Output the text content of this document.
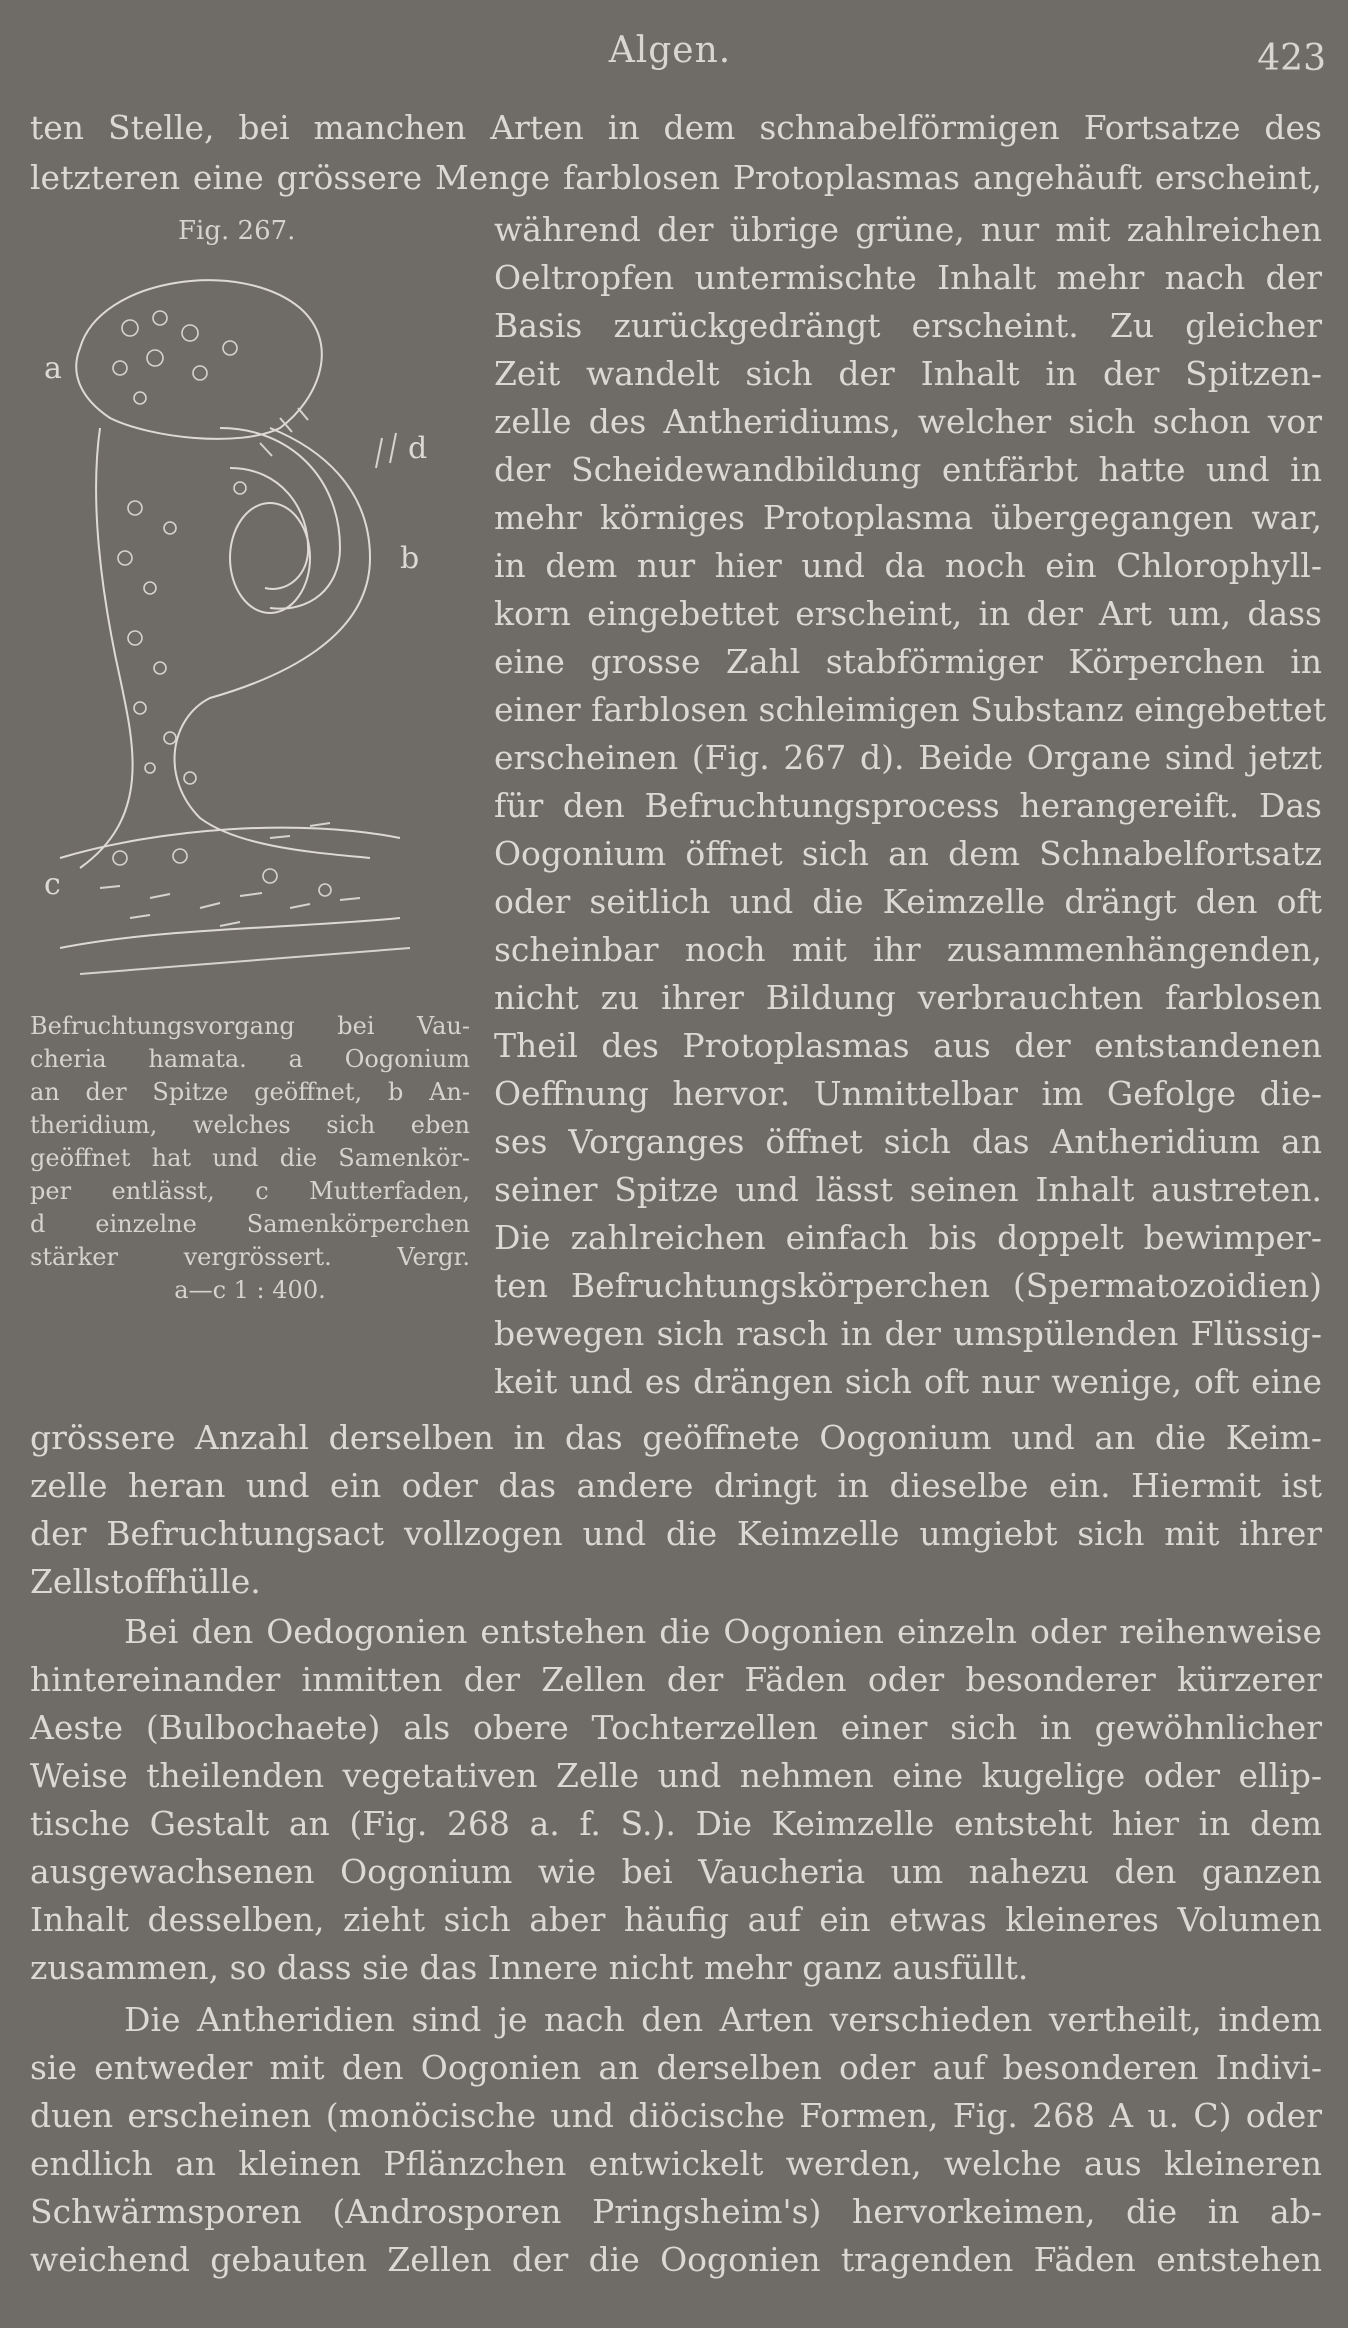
Algen.	423
ten Stelle, bei manchen Arten in dem schnabelförmigen Fortsatze des
letzteren eine grössere Menge farblosen Protoplasmas angehäuft erscheint,
Fig. 267.
a
d
b
c
Befruchtungsvorgang bei Vau-
cheria hamata. a Oogonium
an der Spitze geöffnet, b An-
theridium, welches sich eben
geöffnet hat und die Samenkör-
per entlässt, c Mutterfaden,
d einzelne Samenkörperchen
stärker vergrössert. Vergr.
a—c 1 : 400.
während der übrige grüne, nur mit zahlreichen
Oeltropfen untermischte Inhalt mehr nach der
Basis zurückgedrängt erscheint. Zu gleicher
Zeit wandelt sich der Inhalt in der Spitzen-
zelle des Antheridiums, welcher sich schon vor
der Scheidewandbildung entfärbt hatte und in
mehr körniges Protoplasma übergegangen war,
in dem nur hier und da noch ein Chlorophyll-
korn eingebettet erscheint, in der Art um, dass
eine grosse Zahl stabförmiger Körperchen in
einer farblosen schleimigen Substanz eingebettet
erscheinen (Fig. 267 d). Beide Organe sind jetzt
für den Befruchtungsprocess herangereift. Das
Oogonium öffnet sich an dem Schnabelfortsatz
oder seitlich und die Keimzelle drängt den oft
scheinbar noch mit ihr zusammenhängenden,
nicht zu ihrer Bildung verbrauchten farblosen
Theil des Protoplasmas aus der entstandenen
Oeffnung hervor. Unmittelbar im Gefolge die-
ses Vorganges öffnet sich das Antheridium an
seiner Spitze und lässt seinen Inhalt austreten.
Die zahlreichen einfach bis doppelt bewimper-
ten Befruchtungskörperchen (Spermatozoidien)
bewegen sich rasch in der umspülenden Flüssig-
keit und es drängen sich oft nur wenige, oft eine
grössere Anzahl derselben in das geöffnete Oogonium und an die Keim-
zelle heran und ein oder das andere dringt in dieselbe ein. Hiermit ist
der Befruchtungsact vollzogen und die Keimzelle umgiebt sich mit ihrer
Zellstoffhülle.
Bei den Oedogonien entstehen die Oogonien einzeln oder reihenweise
hintereinander inmitten der Zellen der Fäden oder besonderer kürzerer
Aeste (Bulbochaete) als obere Tochterzellen einer sich in gewöhnlicher
Weise theilenden vegetativen Zelle und nehmen eine kugelige oder ellip-
tische Gestalt an (Fig. 268 a. f. S.). Die Keimzelle entsteht hier in dem
ausgewachsenen Oogonium wie bei Vaucheria um nahezu den ganzen
Inhalt desselben, zieht sich aber häufig auf ein etwas kleineres Volumen
zusammen, so dass sie das Innere nicht mehr ganz ausfüllt.
Die Antheridien sind je nach den Arten verschieden vertheilt, indem
sie entweder mit den Oogonien an derselben oder auf besonderen Indivi-
duen erscheinen (monöcische und diöcische Formen, Fig. 268 A u. C) oder
endlich an kleinen Pflänzchen entwickelt werden, welche aus kleineren
Schwärmsporen (Androsporen Pringsheim's) hervorkeimen, die in ab-
weichend gebauten Zellen der die Oogonien tragenden Fäden entstehen
